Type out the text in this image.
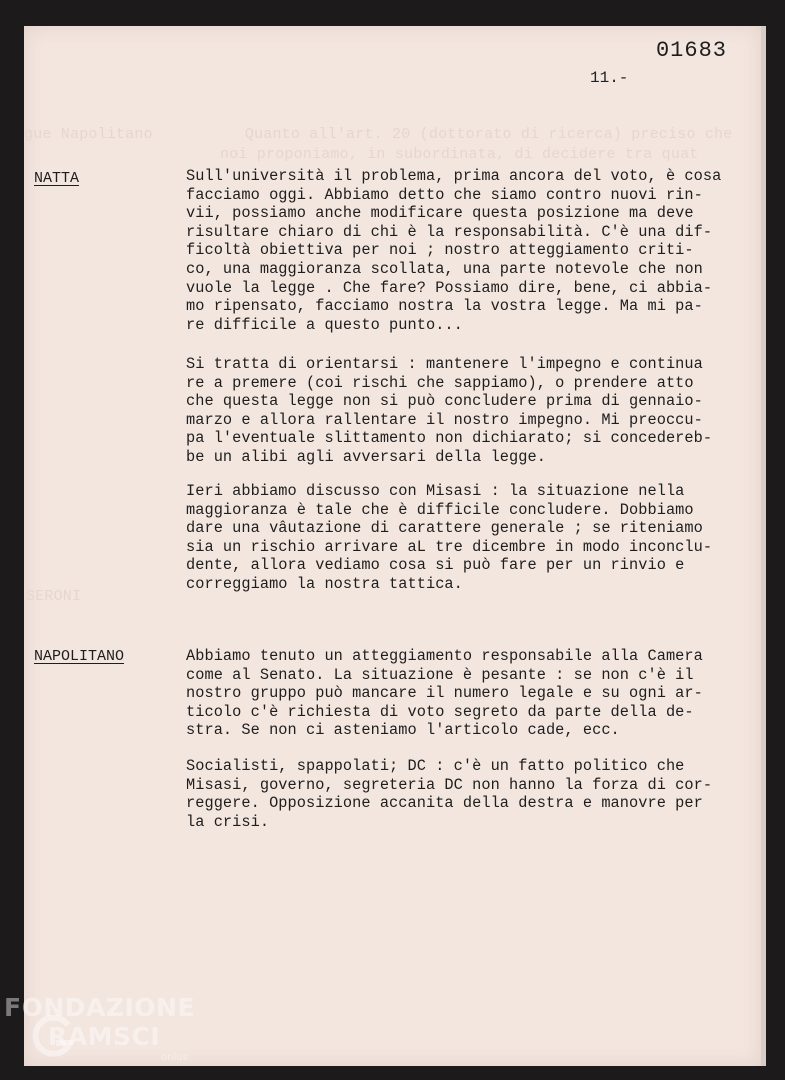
gue Napolitano          Quanto all'art. 20 (dottorato di ricerca) preciso che
noi proponiamo, in subordinata, di decidere tra quat
SERONI
01683
11.-
NATTA	Sull'università il problema, prima ancora del voto, è cosa
facciamo oggi. Abbiamo detto che siamo contro nuovi rin-
vii, possiamo anche modificare questa posizione ma deve
risultare chiaro di chi è la responsabilità. C'è una dif-
ficoltà obiettiva per noi ; nostro atteggiamento criti-
co, una maggioranza scollata, una parte notevole che non
vuole la legge . Che fare? Possiamo dire, bene, ci abbia-
mo ripensato, facciamo nostra la vostra legge. Ma mi pa-
re difficile a questo punto...
Si tratta di orientarsi : mantenere l'impegno e continua
re a premere (coi rischi che sappiamo), o prendere atto
che questa legge non si può concludere prima di gennaio-
marzo e allora rallentare il nostro impegno. Mi preoccu-
pa l'eventuale slittamento non dichiarato; si concedereb-
be un alibi agli avversari della legge.
Ieri abbiamo discusso con Misasi : la situazione nella
maggioranza è tale che è difficile concludere. Dobbiamo
dare una vâutazione di carattere generale ; se riteniamo
sia un rischio arrivare aL tre dicembre in modo inconclu-
dente, allora vediamo cosa si può fare per un rinvio e
correggiamo la nostra tattica.
NAPOLITANO	Abbiamo tenuto un atteggiamento responsabile alla Camera
come al Senato. La situazione è pesante : se non c'è il
nostro gruppo può mancare il numero legale e su ogni ar-
ticolo c'è richiesta di voto segreto da parte della de-
stra. Se non ci asteniamo l'articolo cade, ecc.
Socialisti, spappolati; DC : c'è un fatto politico che
Misasi, governo, segreteria DC non hanno la forza di cor-
reggere. Opposizione accanita della destra e manovre per
la crisi.
FONDAZIONE
RAMSCI
onlus
